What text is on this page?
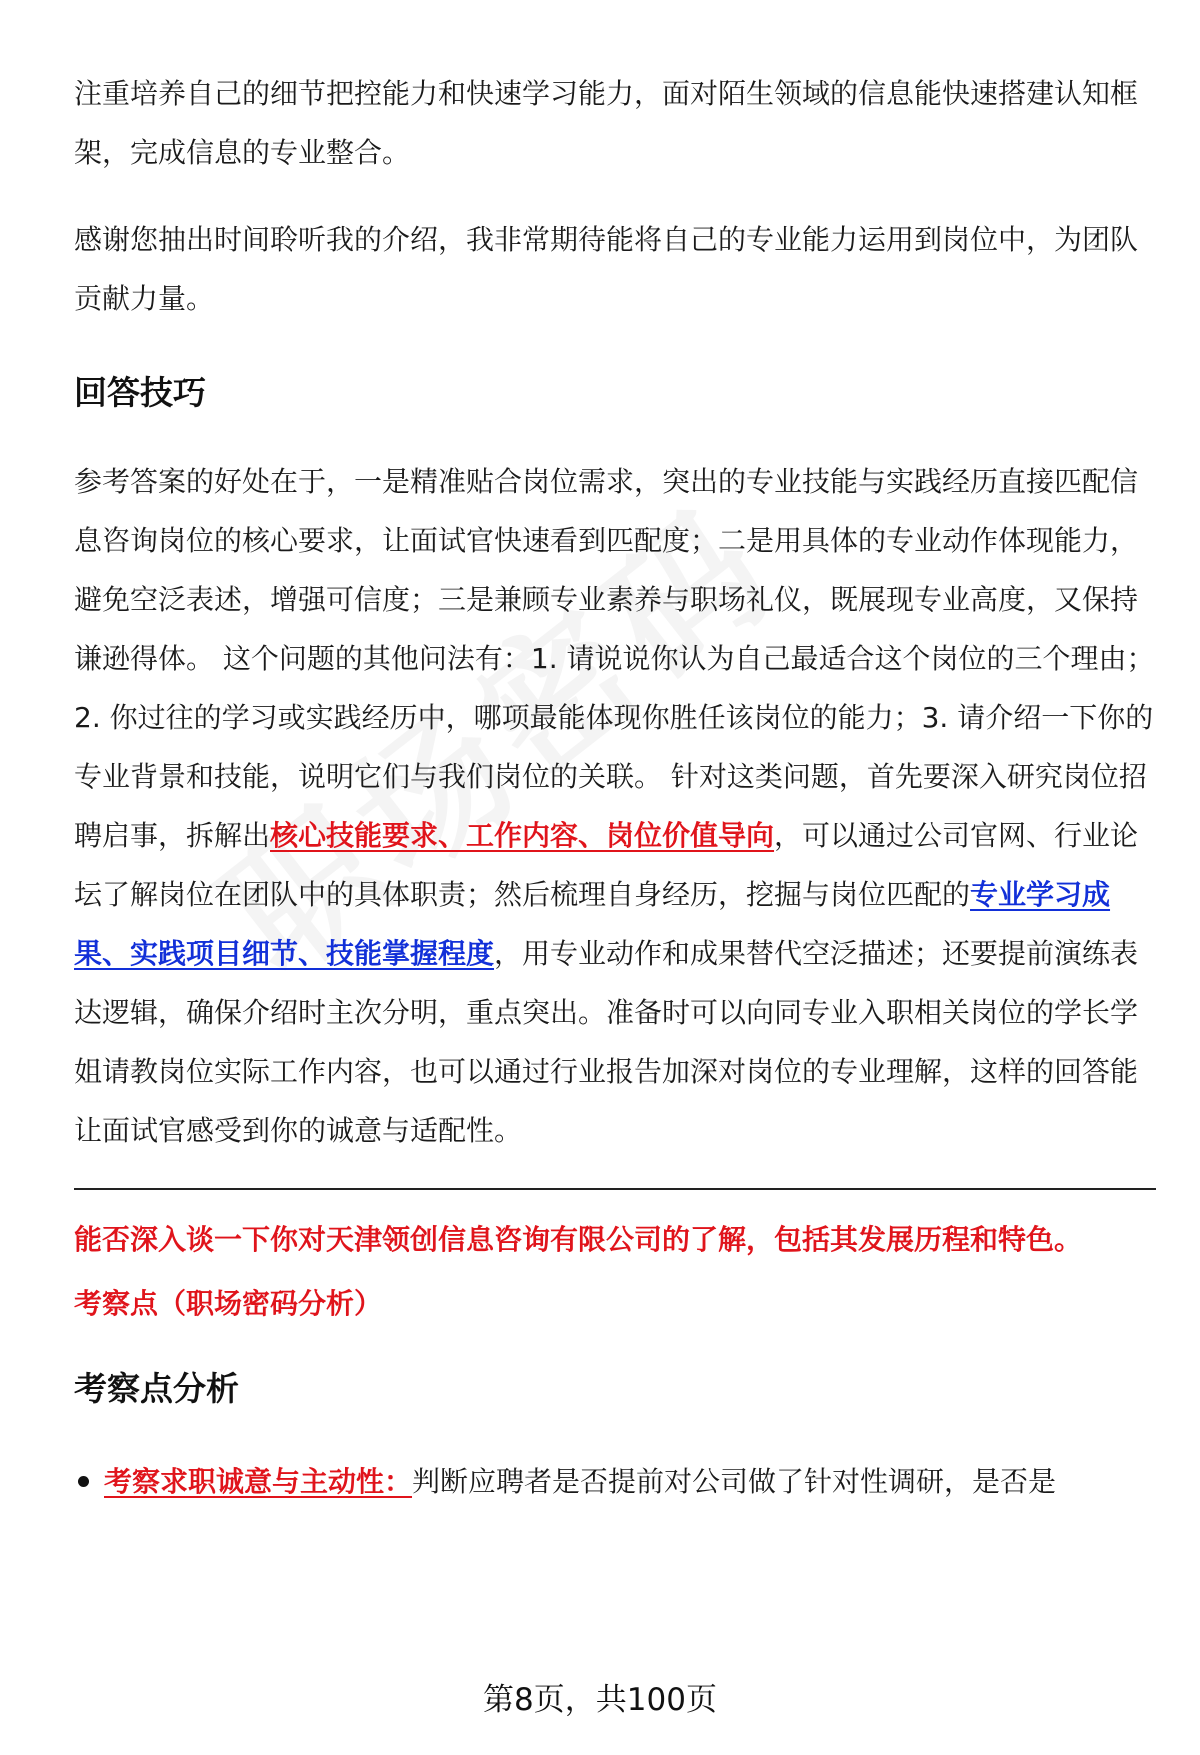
注重培养自己的细节把控能力和快速学习能力，面对陌生领域的信息能快速搭建认知框架，完成信息的专业整合。

感谢您抽出时间聆听我的介绍，我非常期待能将自己的专业能力运用到岗位中，为团队贡献力量。

回答技巧

参考答案的好处在于，一是精准贴合岗位需求，突出的专业技能与实践经历直接匹配信息咨询岗位的核心要求，让面试官快速看到匹配度；二是用具体的专业动作体现能力，避免空泛表述，增强可信度；三是兼顾专业素养与职场礼仪，既展现专业高度，又保持谦逊得体。 这个问题的其他问法有：1. 请说说你认为自己最适合这个岗位的三个理由；2. 你过往的学习或实践经历中，哪项最能体现你胜任该岗位的能力；3. 请介绍一下你的专业背景和技能，说明它们与我们岗位的关联。 针对这类问题，首先要深入研究岗位招聘启事，拆解出核心技能要求、工作内容、岗位价值导向，可以通过公司官网、行业论坛了解岗位在团队中的具体职责；然后梳理自身经历，挖掘与岗位匹配的专业学习成果、实践项目细节、技能掌握程度，用专业动作和成果替代空泛描述；还要提前演练表达逻辑，确保介绍时主次分明，重点突出。准备时可以向同专业入职相关岗位的学长学姐请教岗位实际工作内容，也可以通过行业报告加深对岗位的专业理解，这样的回答能让面试官感受到你的诚意与适配性。

能否深入谈一下你对天津领创信息咨询有限公司的了解，包括其发展历程和特色。
考察点（职场密码分析）
考察点分析
考察求职诚意与主动性：判断应聘者是否提前对公司做了针对性调研，是否是
第8页，共100页
